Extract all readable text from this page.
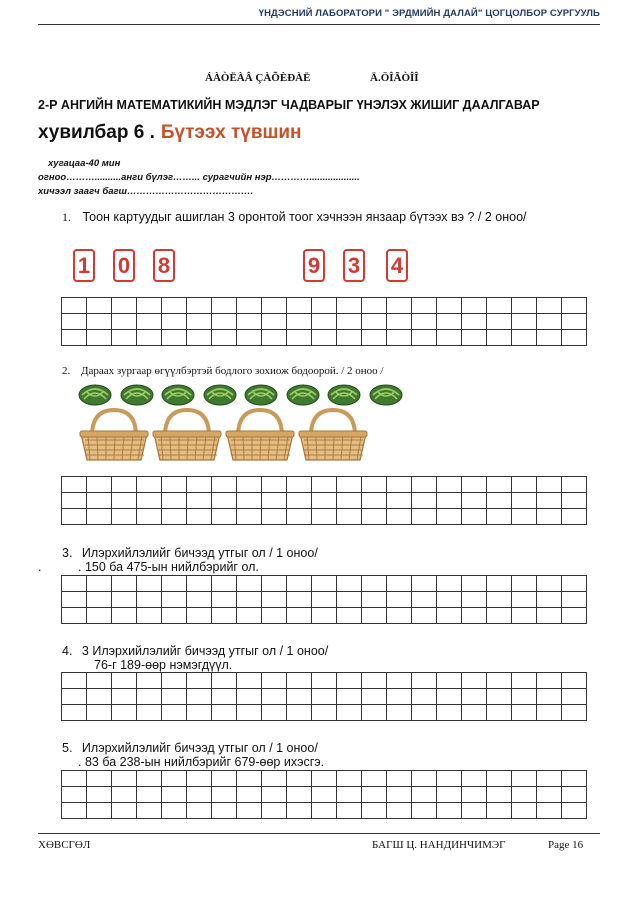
ҮНДЭСНИЙ ЛАБОРАТОРИ " ЭРДМИЙН ДАЛАЙ" ЦОГЦОЛБОР СУРГУУЛЬ
ÁÀÒËÀÂ ÇÀÕÈÐÀË	Ä.ÖÎÃÒÎÎ
2-Р АНГИЙН МАТЕМАТИКИЙН МЭДЛЭГ ЧАДВАРЫГ ҮНЭЛЭХ ЖИШИГ ДААЛГАВАР
хувилбар 6 . Бүтээх түвшин
хугацаа-40 мин
огноо………..........анги бүлэг……... сурагчийн нэр…………...................
хичээл заагч багш………………………………….
1. Тоон картуудыг ашиглан 3 оронтой тоог хэчнээн янзаар бүтээх вэ ? / 2 оноо/
1 0 8	9 3 4

2. Дараах зургаар өгүүлбэртэй бодлого зохиож бодоорой. / 2 оноо /

3. Илэрхийлэлийг бичээд утгыг ол / 1 оноо/
.	. 150 ба 475-ын нийлбэрийг ол.

4. 3 Илэрхийлэлийг бичээд утгыг ол / 1 оноо/
76-г 189-өөр нэмэгдүүл.

5. Илэрхийлэлийг бичээд утгыг ол / 1 оноо/
. 83 ба 238-ын нийлбэрийг 679-өөр ихэсгэ.

ХӨВСГӨЛ	БАГШ Ц. НАНДИНЧИМЭГ	Page 16
